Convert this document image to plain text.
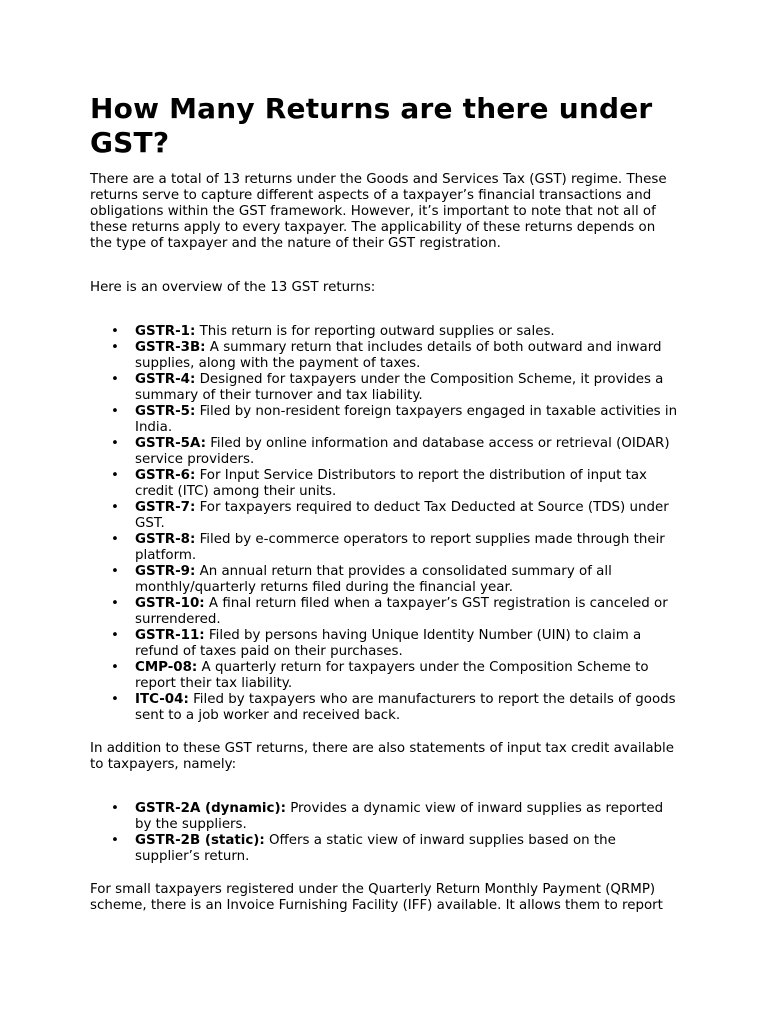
How Many Returns are there under GST?

There are a total of 13 returns under the Goods and Services Tax (GST) regime. These returns serve to capture different aspects of a taxpayer’s financial transactions and obligations within the GST framework. However, it’s important to note that not all of these returns apply to every taxpayer. The applicability of these returns depends on the type of taxpayer and the nature of their GST registration.

Here is an overview of the 13 GST returns:

• GSTR-1: This return is for reporting outward supplies or sales.
• GSTR-3B: A summary return that includes details of both outward and inward supplies, along with the payment of taxes.
• GSTR-4: Designed for taxpayers under the Composition Scheme, it provides a summary of their turnover and tax liability.
• GSTR-5: Filed by non-resident foreign taxpayers engaged in taxable activities in India.
• GSTR-5A: Filed by online information and database access or retrieval (OIDAR) service providers.
• GSTR-6: For Input Service Distributors to report the distribution of input tax credit (ITC) among their units.
• GSTR-7: For taxpayers required to deduct Tax Deducted at Source (TDS) under GST.
• GSTR-8: Filed by e-commerce operators to report supplies made through their platform.
• GSTR-9: An annual return that provides a consolidated summary of all monthly/quarterly returns filed during the financial year.
• GSTR-10: A final return filed when a taxpayer’s GST registration is canceled or surrendered.
• GSTR-11: Filed by persons having Unique Identity Number (UIN) to claim a refund of taxes paid on their purchases.
• CMP-08: A quarterly return for taxpayers under the Composition Scheme to report their tax liability.
• ITC-04: Filed by taxpayers who are manufacturers to report the details of goods sent to a job worker and received back.

In addition to these GST returns, there are also statements of input tax credit available to taxpayers, namely:

• GSTR-2A (dynamic): Provides a dynamic view of inward supplies as reported by the suppliers.
• GSTR-2B (static): Offers a static view of inward supplies based on the supplier’s return.

For small taxpayers registered under the Quarterly Return Monthly Payment (QRMP) scheme, there is an Invoice Furnishing Facility (IFF) available. It allows them to report
